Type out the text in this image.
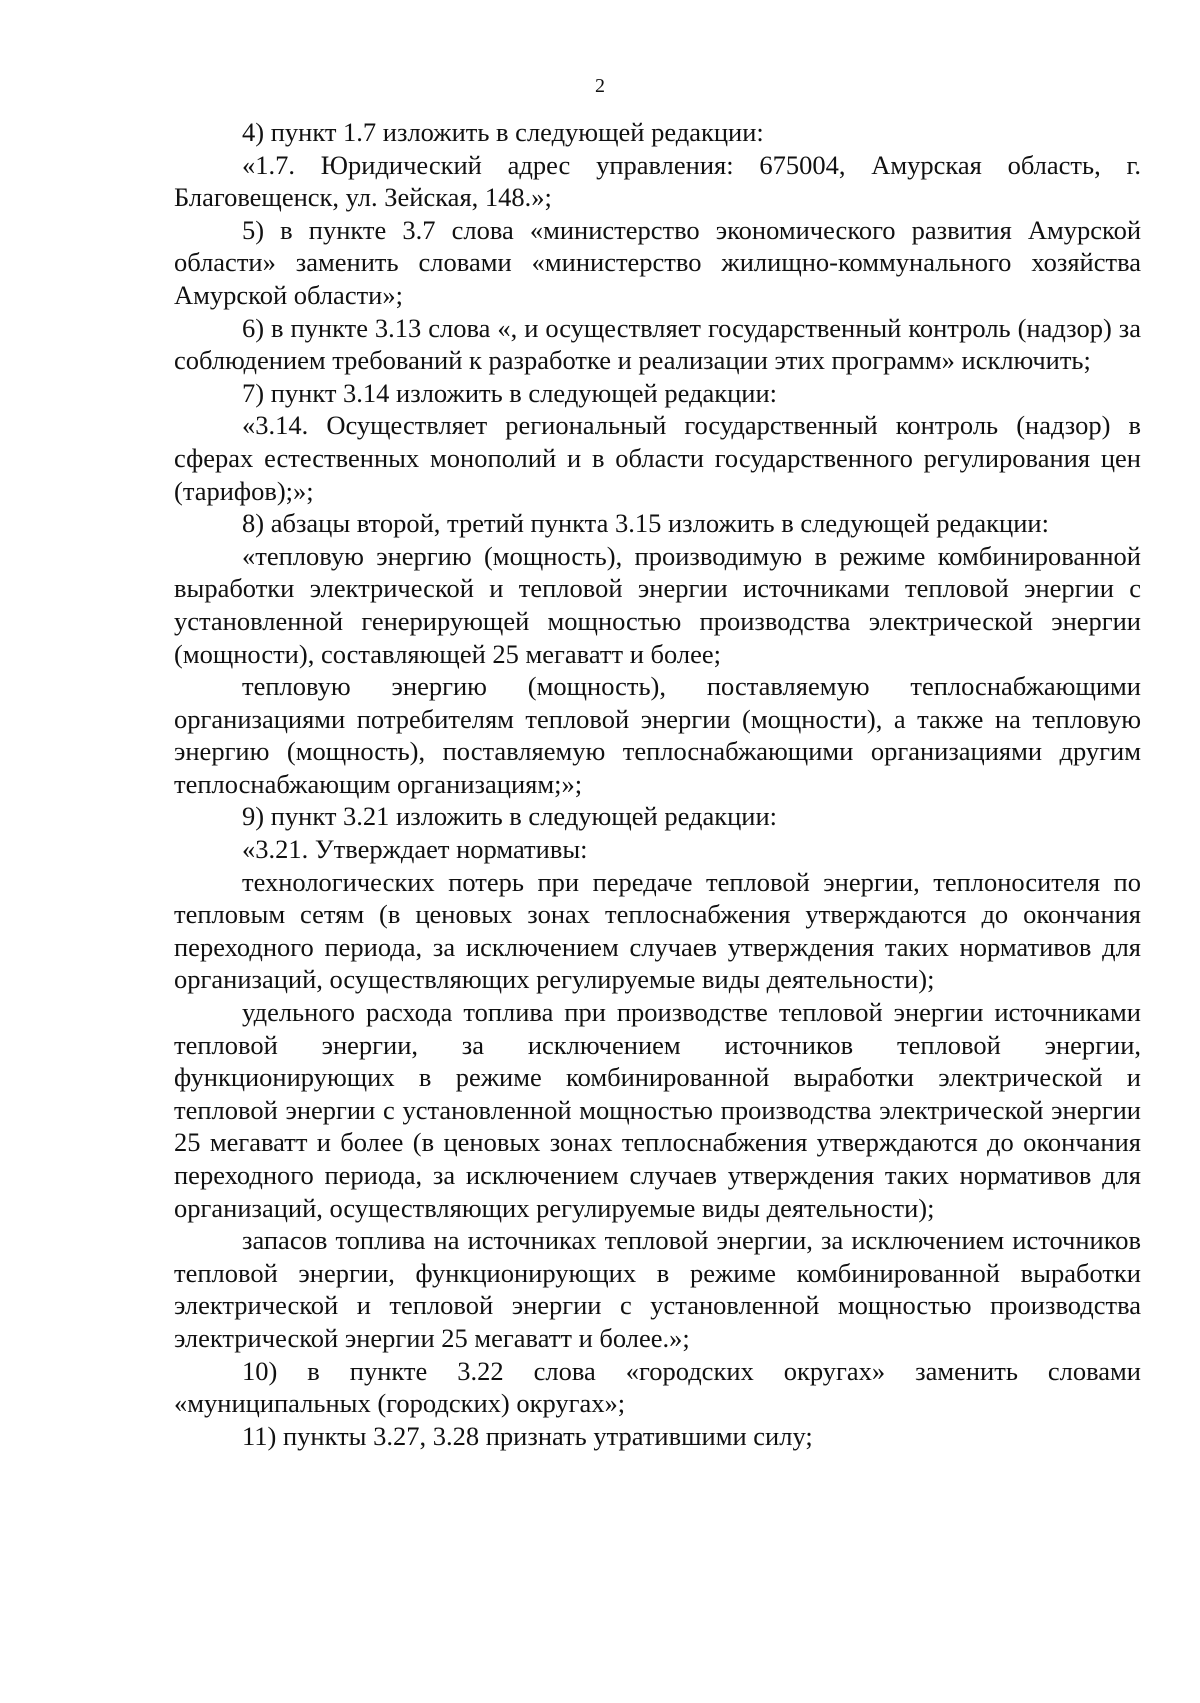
2

4) пункт 1.7 изложить в следующей редакции:

«1.7. Юридический адрес управления: 675004, Амурская область, г. Благовещенск, ул. Зейская, 148.»;

5) в пункте 3.7 слова «министерство экономического развития Амурской области» заменить словами «министерство жилищно-коммунального хозяйства Амурской области»;

6) в пункте 3.13 слова «, и осуществляет государственный контроль (надзор) за соблюдением требований к разработке и реализации этих программ» исключить;

7) пункт 3.14 изложить в следующей редакции:

«3.14. Осуществляет региональный государственный контроль (надзор) в сферах естественных монополий и в области государственного регулирования цен (тарифов);»;

8) абзацы второй, третий пункта 3.15 изложить в следующей редакции:

«тепловую энергию (мощность), производимую в режиме комбинированной выработки электрической и тепловой энергии источниками тепловой энергии с установленной генерирующей мощностью производства электрической энергии (мощности), составляющей 25 мегаватт и более;

тепловую энергию (мощность), поставляемую теплоснабжающими организациями потребителям тепловой энергии (мощности), а также на тепловую энергию (мощность), поставляемую теплоснабжающими организациями другим теплоснабжающим организациям;»;

9) пункт 3.21 изложить в следующей редакции:

«3.21. Утверждает нормативы:

технологических потерь при передаче тепловой энергии, теплоносителя по тепловым сетям (в ценовых зонах теплоснабжения утверждаются до окончания переходного периода, за исключением случаев утверждения таких нормативов для организаций, осуществляющих регулируемые виды деятельности);

удельного расхода топлива при производстве тепловой энергии источниками тепловой энергии, за исключением источников тепловой энергии, функционирующих в режиме комбинированной выработки электрической и тепловой энергии с установленной мощностью производства электрической энергии 25 мегаватт и более (в ценовых зонах теплоснабжения утверждаются до окончания переходного периода, за исключением случаев утверждения таких нормативов для организаций, осуществляющих регулируемые виды деятельности);

запасов топлива на источниках тепловой энергии, за исключением источников тепловой энергии, функционирующих в режиме комбинированной выработки электрической и тепловой энергии с установленной мощностью производства электрической энергии 25 мегаватт и более.»;

10) в пункте 3.22 слова «городских округах» заменить словами «муниципальных (городских) округах»;

11) пункты 3.27, 3.28 признать утратившими силу;
